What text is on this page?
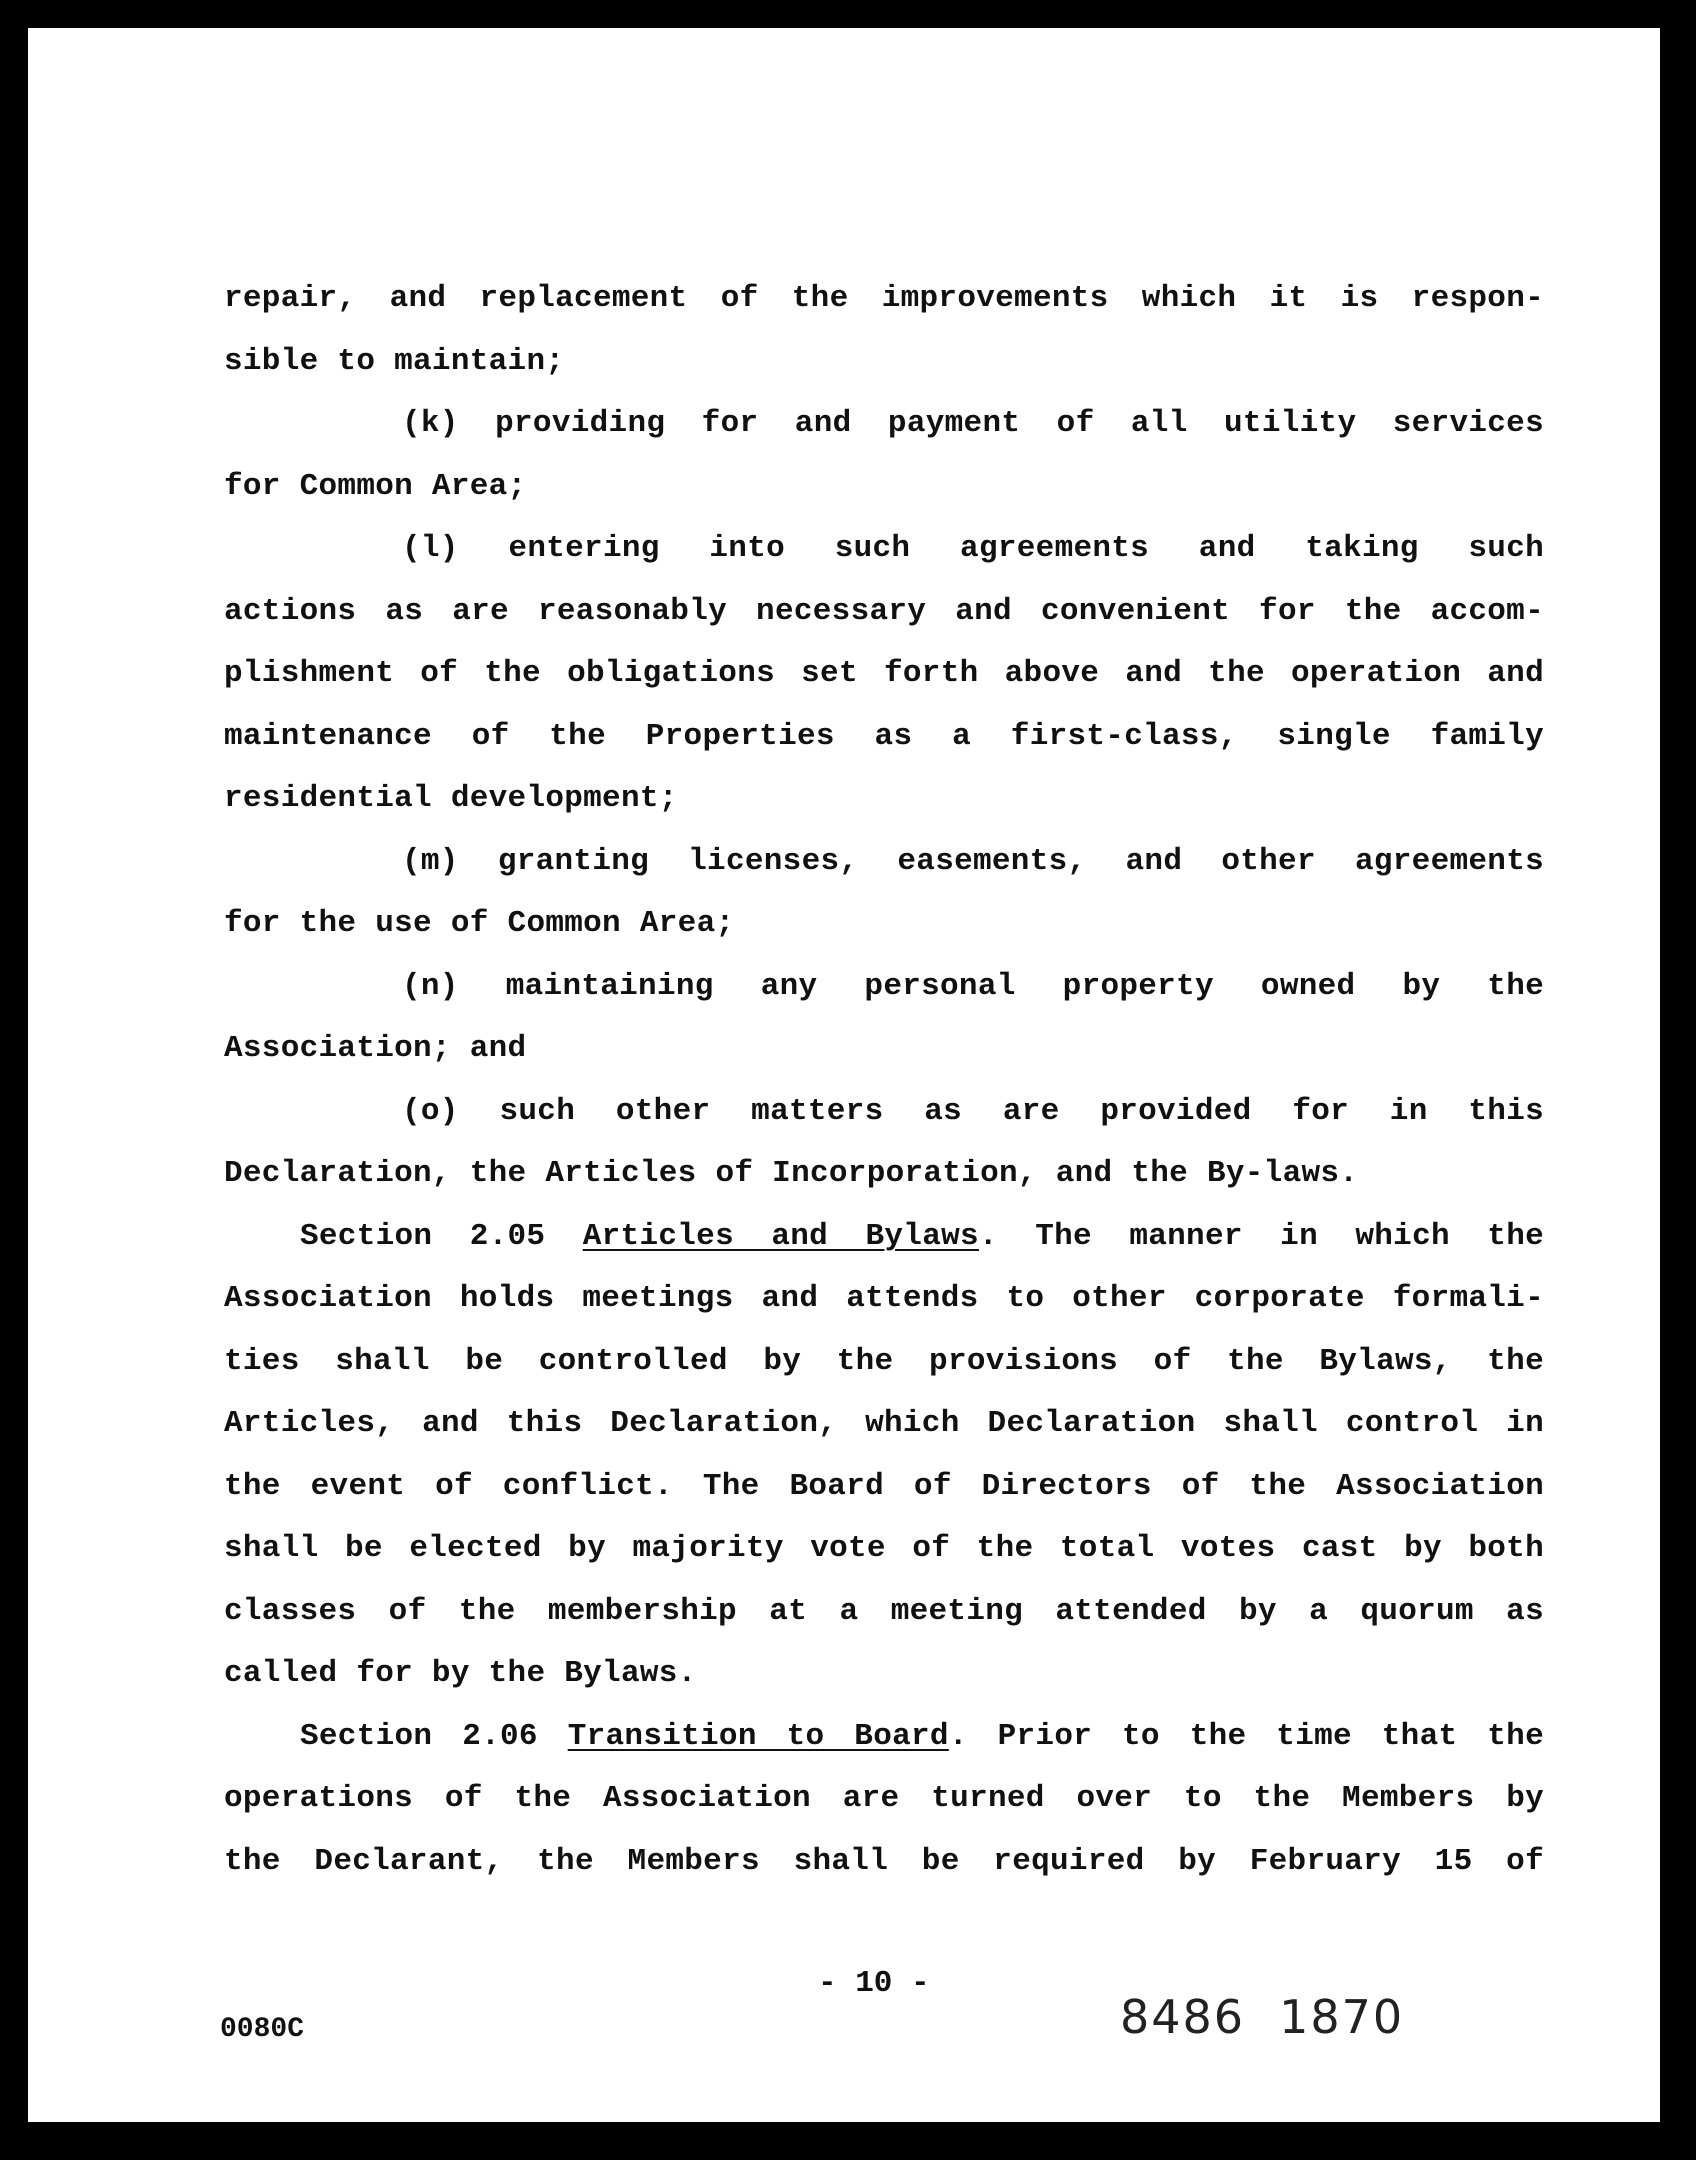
repair, and replacement of the improvements which it is respon-
sible to maintain;
(k) providing for and payment of all utility services
for Common Area;
(l) entering into such agreements and taking such
actions as are reasonably necessary and convenient for the accom-
plishment of the obligations set forth above and the operation and
maintenance of the Properties as a first-class, single family
residential development;
(m) granting licenses, easements, and other agreements
for the use of Common Area;
(n) maintaining any personal property owned by the
Association; and
(o) such other matters as are provided for in this
Declaration, the Articles of Incorporation, and the By-laws.
Section 2.05 Articles and Bylaws. The manner in which the
Association holds meetings and attends to other corporate formali-
ties shall be controlled by the provisions of the Bylaws, the
Articles, and this Declaration, which Declaration shall control in
the event of conflict. The Board of Directors of the Association
shall be elected by majority vote of the total votes cast by both
classes of the membership at a meeting attended by a quorum as
called for by the Bylaws.
Section 2.06 Transition to Board. Prior to the time that the
operations of the Association are turned over to the Members by
the Declarant, the Members shall be required by February 15 of
- 10 -
0080C	8486 1870
